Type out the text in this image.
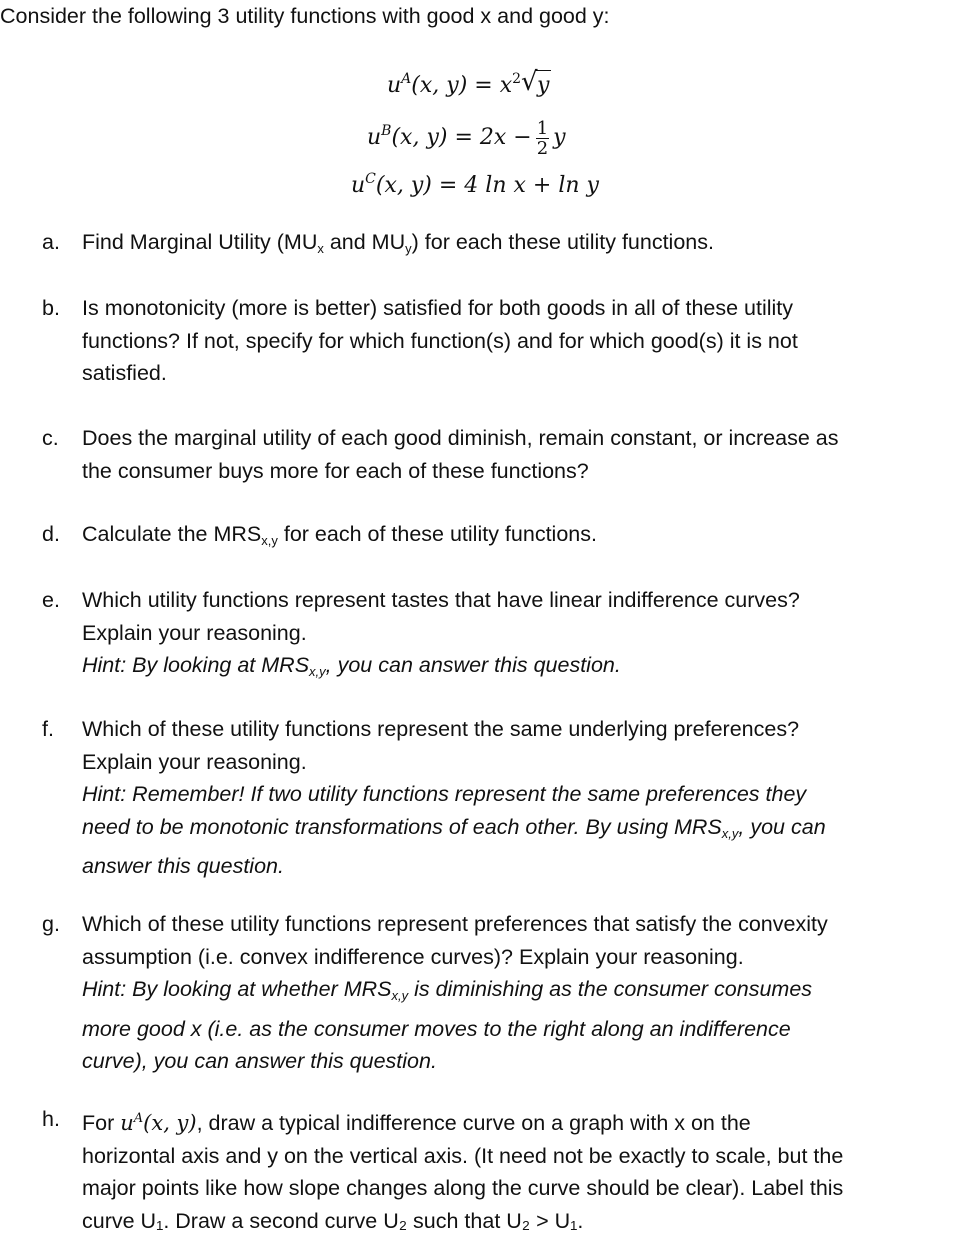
Consider the following 3 utility functions with good x and good y:
$u^A(x$, $y) = x^2$ √ y
$u^B(x$, $y) = 2x - \frac{1}{2}$ y
$u^C(x$, y) = 4 ln x + ln y
a. Find Marginal Utility ($MU_x$ and $MU_y$) for each these utility functions.
b. Is monotonicity (more is better) satisfied for both goods in all of these utility
functions? If not, specify for which function(s) and for which good(s) it is not
satisfied.
c. Does the marginal utility of each good diminish, remain constant, or increase as
the consumer buys more for each of these functions?
d. Calculate the $MRS_{x,y}$ for each of these utility functions.
e. Which utility functions represent tastes that have linear indifference curves?
Explain your reasoning.
Hint: By looking at MRSx,y, you can answer this question.
f. Which of these utility functions represent the same underlying preferences?
Explain your reasoning.
Hint: Remember! If two utility functions represent the same preferences they
need to be monotonic transformations of each other. By using MRSx,y, you can
answer this question.
g. Which of these utility functions represent preferences that satisfy the convexity
assumption (i.e. convex indifference curves)? Explain your reasoning.
Hint: By looking at whether MRSx,y is diminishing as the consumer consumes
more good x (i.e. as the consumer moves to the right along an indifference
curve), you can answer this question.
h. For $u^A(x$, y), draw a typical indifference curve on a graph with x on the
horizontal axis and y on the vertical axis. (It need not be exactly to scale, but the
major points like how slope changes along the curve should be clear). Label this
curve U₁. Draw a second curve U₂ such that U₂ > U₁.
